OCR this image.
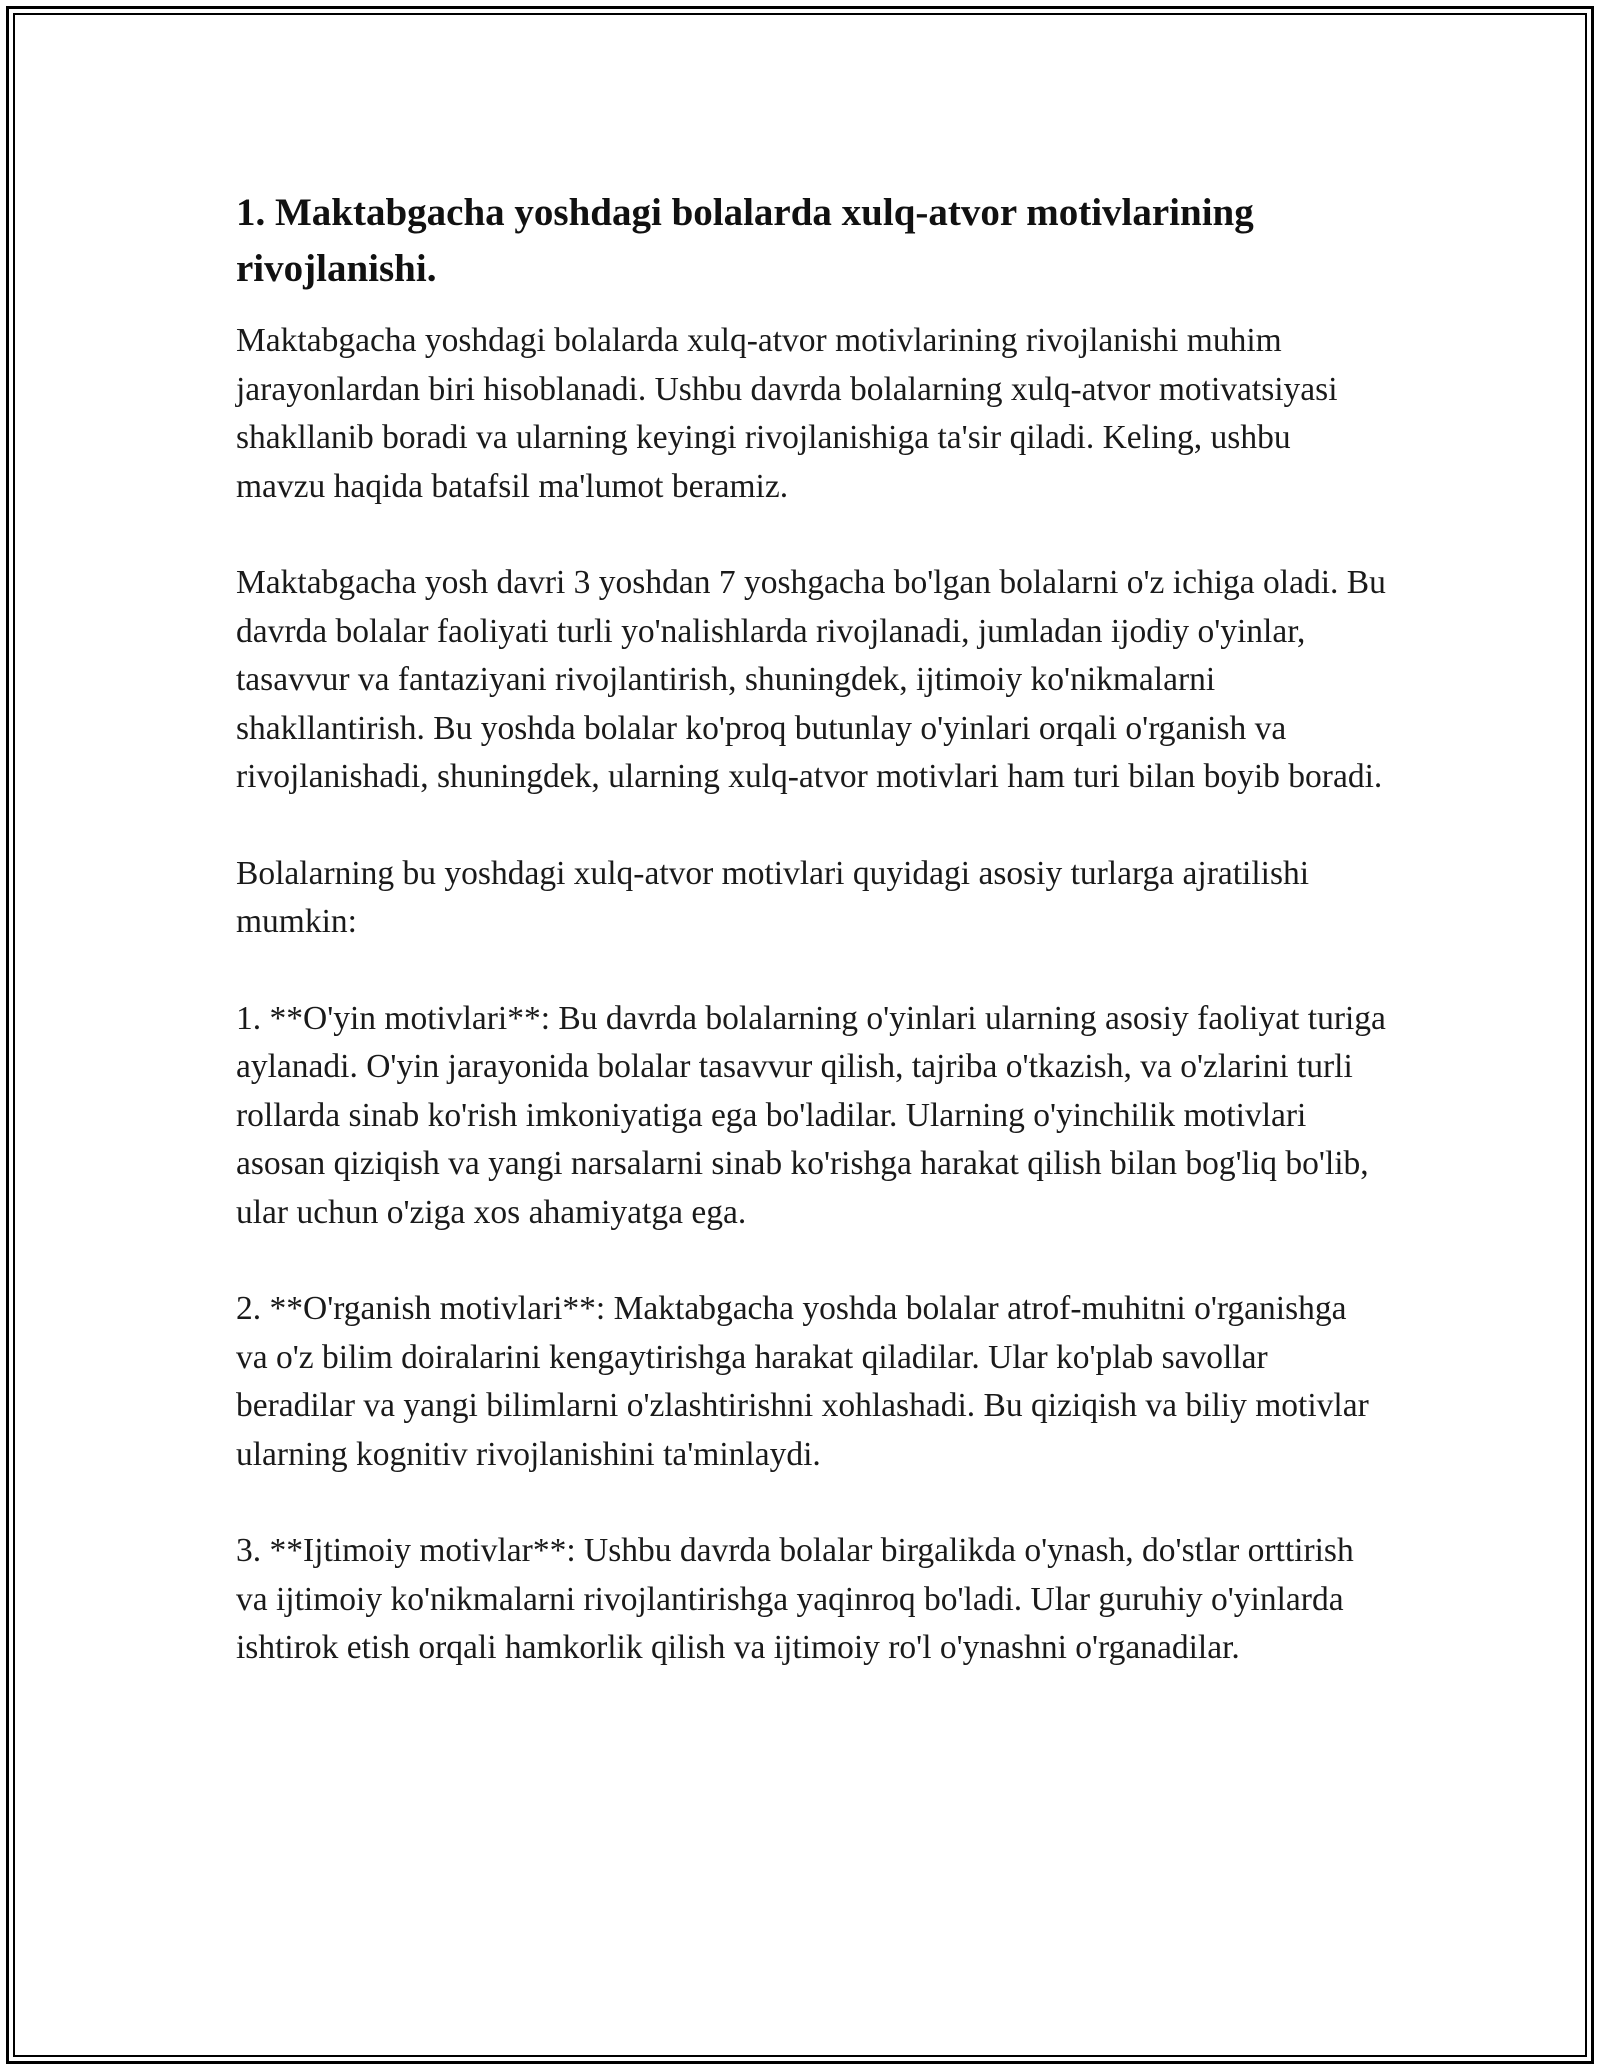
1. Maktabgacha yoshdagi bolalarda xulq-atvor motivlarining rivojlanishi.

Maktabgacha yoshdagi bolalarda xulq-atvor motivlarining rivojlanishi muhim jarayonlardan biri hisoblanadi. Ushbu davrda bolalarning xulq-atvor motivatsiyasi shakllanib boradi va ularning keyingi rivojlanishiga ta'sir qiladi. Keling, ushbu mavzu haqida batafsil ma'lumot beramiz.

Maktabgacha yosh davri 3 yoshdan 7 yoshgacha bo'lgan bolalarni o'z ichiga oladi. Bu davrda bolalar faoliyati turli yo'nalishlarda rivojlanadi, jumladan ijodiy o'yinlar, tasavvur va fantaziyani rivojlantirish, shuningdek, ijtimoiy ko'nikmalarni shakllantirish. Bu yoshda bolalar ko'proq butunlay o'yinlari orqali o'rganish va rivojlanishadi, shuningdek, ularning xulq-atvor motivlari ham turi bilan boyib boradi.

Bolalarning bu yoshdagi xulq-atvor motivlari quyidagi asosiy turlarga ajratilishi mumkin:

1. **O'yin motivlari**: Bu davrda bolalarning o'yinlari ularning asosiy faoliyat turiga aylanadi. O'yin jarayonida bolalar tasavvur qilish, tajriba o'tkazish, va o'zlarini turli rollarda sinab ko'rish imkoniyatiga ega bo'ladilar. Ularning o'yinchilik motivlari asosan qiziqish va yangi narsalarni sinab ko'rishga harakat qilish bilan bog'liq bo'lib, ular uchun o'ziga xos ahamiyatga ega.

2. **O'rganish motivlari**: Maktabgacha yoshda bolalar atrof-muhitni o'rganishga va o'z bilim doiralarini kengaytirishga harakat qiladilar. Ular ko'plab savollar beradilar va yangi bilimlarni o'zlashtirishni xohlashadi. Bu qiziqish va biliy motivlar ularning kognitiv rivojlanishini ta'minlaydi.

3. **Ijtimoiy motivlar**: Ushbu davrda bolalar birgalikda o'ynash, do'stlar orttirish va ijtimoiy ko'nikmalarni rivojlantirishga yaqinroq bo'ladi. Ular guruhiy o'yinlarda ishtirok etish orqali hamkorlik qilish va ijtimoiy ro'l o'ynashni o'rganadilar.
